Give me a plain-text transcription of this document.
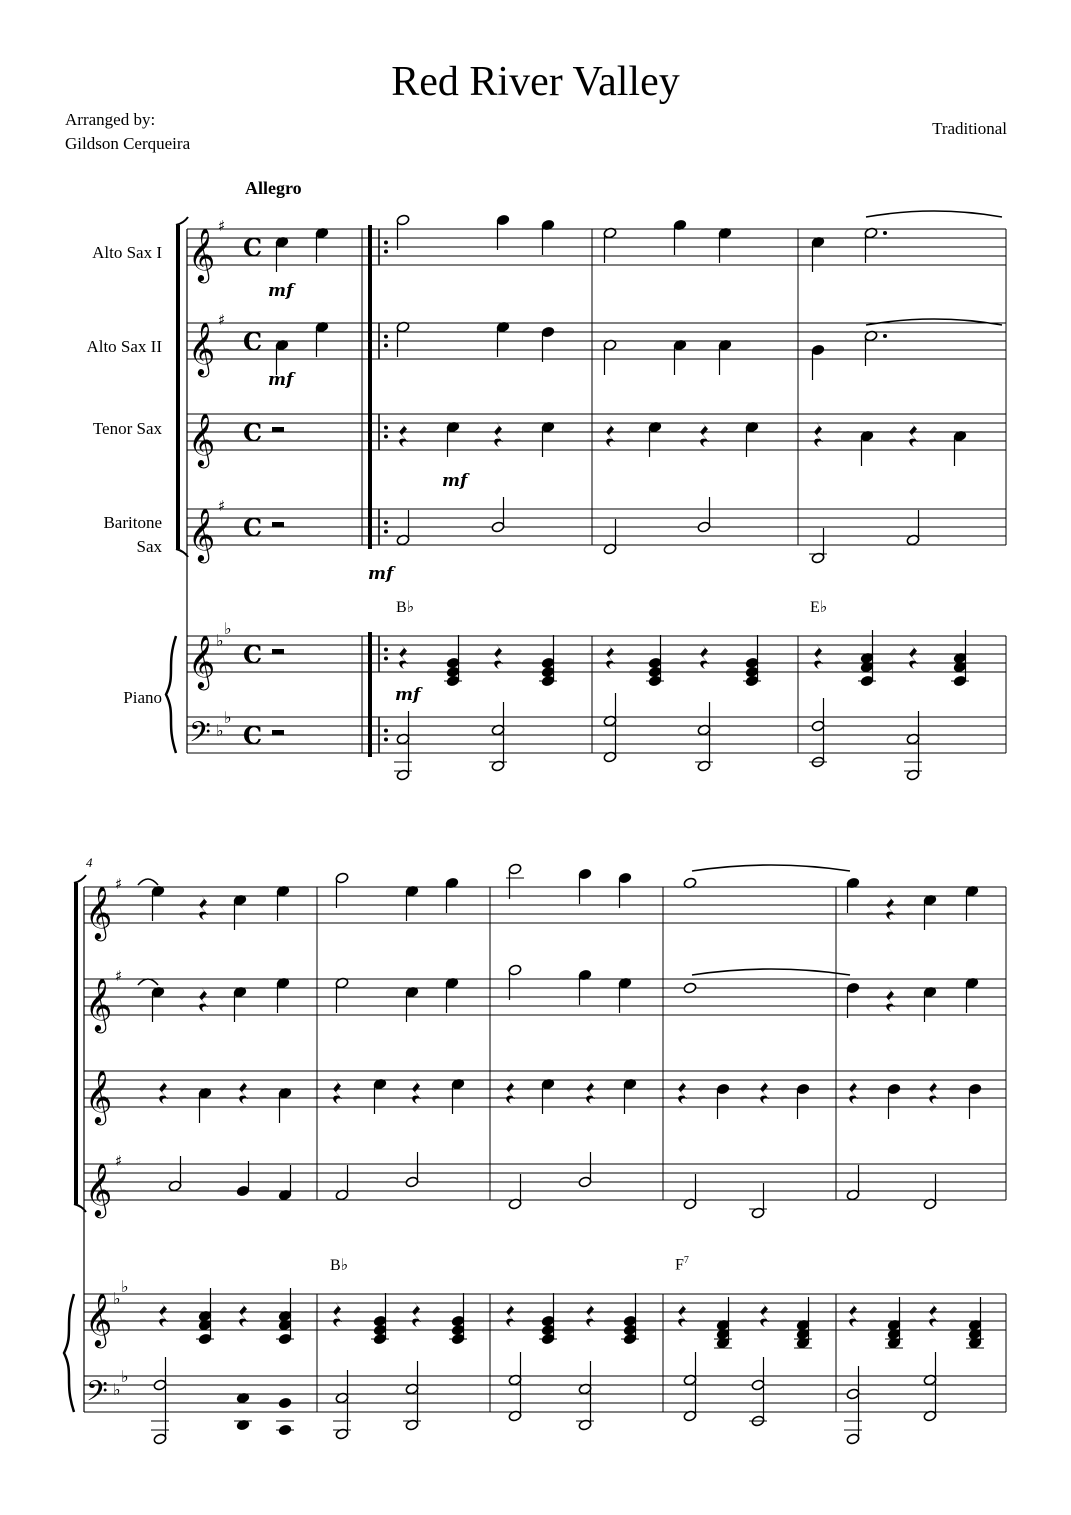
𝄞
♯
𝄞
♯
𝄞
♯
𝄞
𝄞 ♭
♭
𝄢 ♭
♭
C
C
C
C
C
C
mf
mf
mf
mf
mf
𝄞
♯
𝄞
♯
𝄞
♯
𝄞
𝄞 ♭
♭
𝄢 ♭
♭
Red River Valley
Arranged by:
Gildson Cerqueira
Traditional
Allegro
Alto Sax I
Alto Sax II
Tenor Sax
Baritone
Sax
Piano
B♭	E♭
B♭	$F^7$
4
